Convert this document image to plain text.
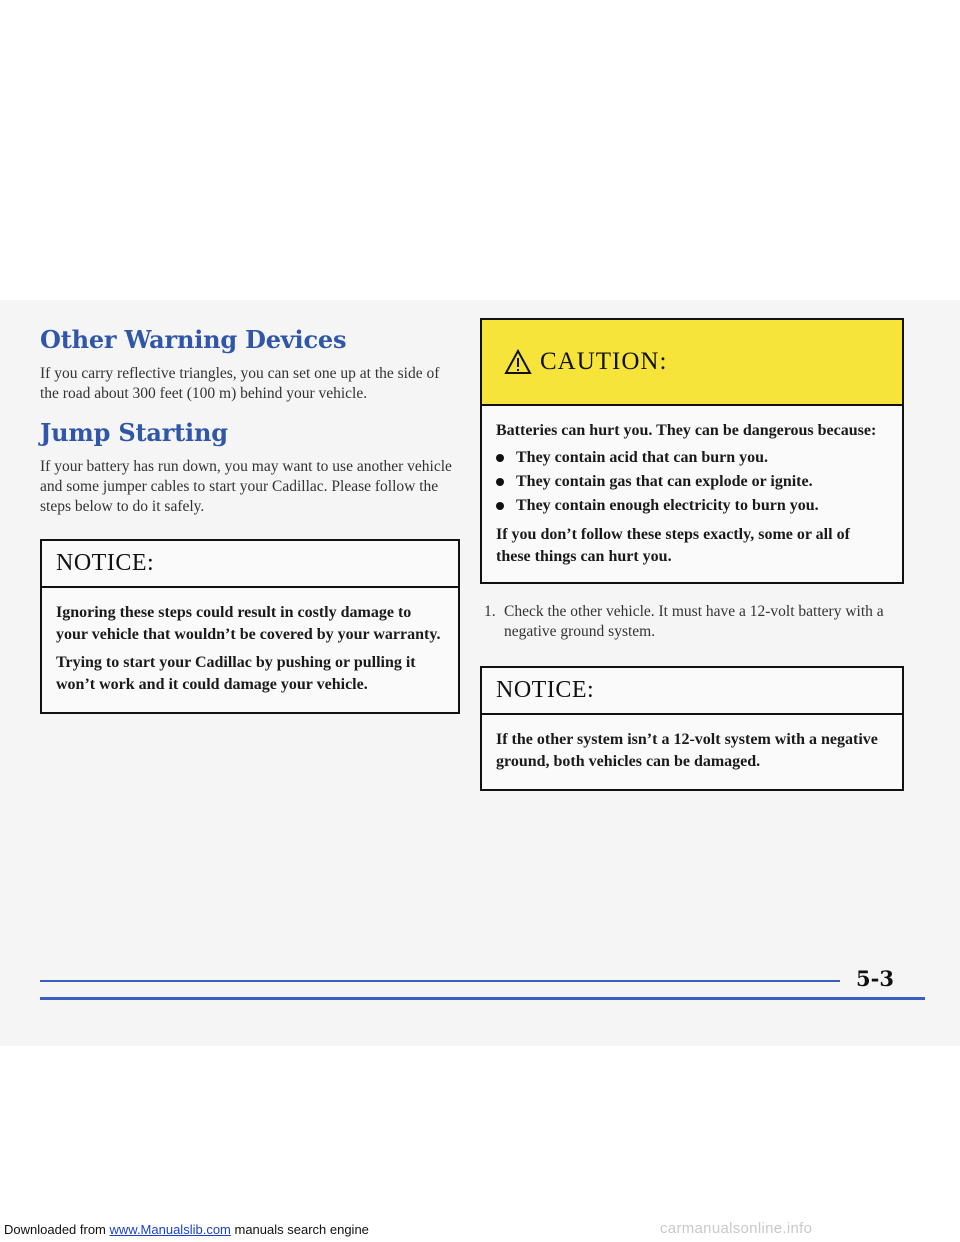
Other Warning Devices

If you carry reflective triangles, you can set one up at the side of the road about 300 feet (100 m) behind your vehicle.

Jump Starting

If your battery has run down, you may want to use another vehicle and some jumper cables to start your Cadillac. Please follow the steps below to do it safely.

NOTICE:

Ignoring these steps could result in costly damage to your vehicle that wouldn’t be covered by your warranty.

Trying to start your Cadillac by pushing or pulling it won’t work and it could damage your vehicle.

CAUTION:

Batteries can hurt you. They can be dangerous because:

They contain acid that can burn you.
They contain gas that can explode or ignite.
They contain enough electricity to burn you.

If you don’t follow these steps exactly, some or all of these things can hurt you.

1. Check the other vehicle. It must have a 12-volt battery with a negative ground system.
NOTICE:

If the other system isn’t a 12-volt system with a negative ground, both vehicles can be damaged.

5-3
Downloaded from www.Manualslib.com manuals search engine	carmanualsonline.info
